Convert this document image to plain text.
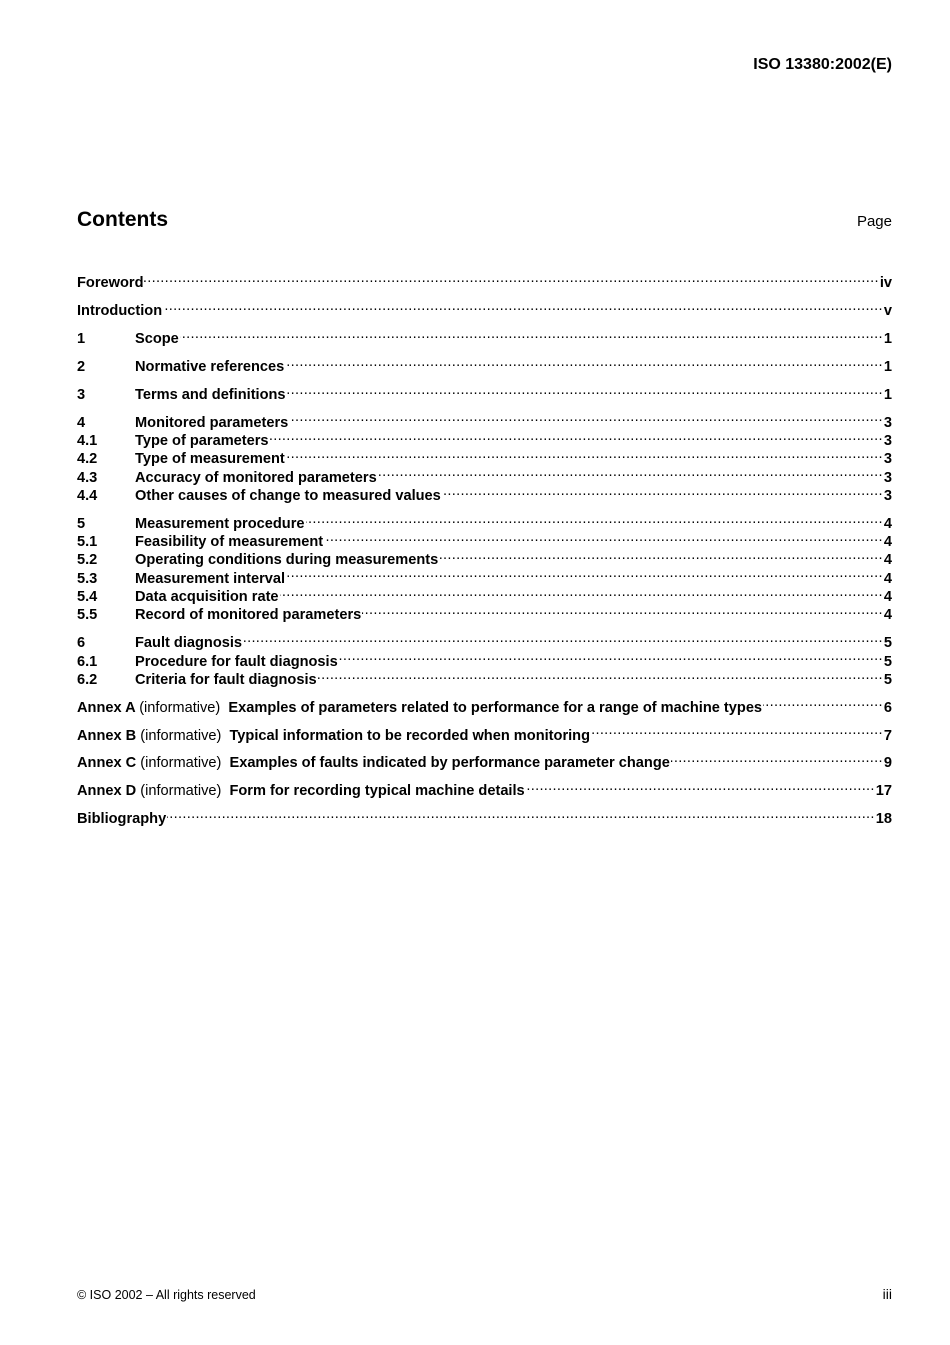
ISO 13380:2002(E)
Contents	Page
Foreword .....	iv
Introduction .....	v
1	Scope .....	1
2	Normative references .....	1
3	Terms and definitions .....	1
4	Monitored parameters .....	3
4.1	Type of parameters .....	3
4.2	Type of measurement .....	3
4.3	Accuracy of monitored parameters .....	3
4.4	Other causes of change to measured values .....	3
5	Measurement procedure .....	4
5.1	Feasibility of measurement .....	4
5.2	Operating conditions during measurements .....	4
5.3	Measurement interval .....	4
5.4	Data acquisition rate .....	4
5.5	Record of monitored parameters .....	4
6	Fault diagnosis .....	5
6.1	Procedure for fault diagnosis .....	5
6.2	Criteria for fault diagnosis .....	5
Annex A (informative) Examples of parameters related to performance for a range of machine types .....	6
Annex B (informative) Typical information to be recorded when monitoring .....	7
Annex C (informative) Examples of faults indicated by performance parameter change .....	9
Annex D (informative) Form for recording typical machine details .....	17
Bibliography .....	18
© ISO 2002 – All rights reserved	iii
